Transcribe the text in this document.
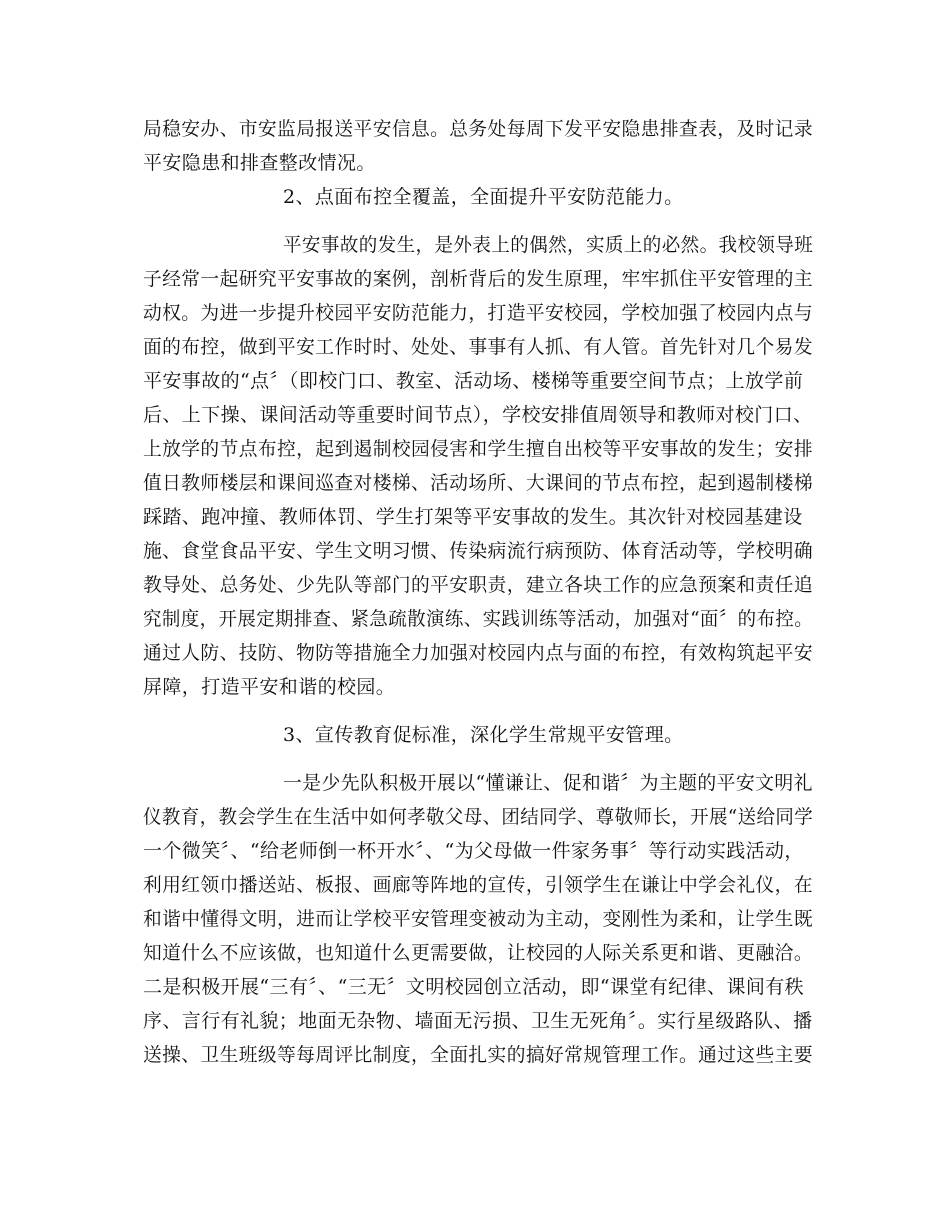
局稳安办、市安监局报送平安信息。总务处每周下发平安隐患排查表，及时记录
平安隐患和排查整改情况。
2、点面布控全覆盖，全面提升平安防范能力。
平安事故的发生，是外表上的偶然，实质上的必然。我校领导班
子经常一起研究平安事故的案例，剖析背后的发生原理，牢牢抓住平安管理的主
动权。为进一步提升校园平安防范能力，打造平安校园，学校加强了校园内点与
面的布控，做到平安工作时时、处处、事事有人抓、有人管。首先针对几个易发
平安事故的“点〞（即校门口、教室、活动场、楼梯等重要空间节点；上放学前
后、上下操、课间活动等重要时间节点），学校安排值周领导和教师对校门口、
上放学的节点布控，起到遏制校园侵害和学生擅自出校等平安事故的发生；安排
值日教师楼层和课间巡查对楼梯、活动场所、大课间的节点布控，起到遏制楼梯
踩踏、跑冲撞、教师体罚、学生打架等平安事故的发生。其次针对校园基建设
施、食堂食品平安、学生文明习惯、传染病流行病预防、体育活动等，学校明确
教导处、总务处、少先队等部门的平安职责，建立各块工作的应急预案和责任追
究制度，开展定期排查、紧急疏散演练、实践训练等活动，加强对“面〞的布控。
通过人防、技防、物防等措施全力加强对校园内点与面的布控，有效构筑起平安
屏障，打造平安和谐的校园。
3、宣传教育促标准，深化学生常规平安管理。
一是少先队积极开展以“懂谦让、促和谐〞为主题的平安文明礼
仪教育，教会学生在生活中如何孝敬父母、团结同学、尊敬师长，开展“送给同学
一个微笑〞、“给老师倒一杯开水〞、“为父母做一件家务事〞等行动实践活动，
利用红领巾播送站、板报、画廊等阵地的宣传，引领学生在谦让中学会礼仪，在
和谐中懂得文明，进而让学校平安管理变被动为主动，变刚性为柔和，让学生既
知道什么不应该做，也知道什么更需要做，让校园的人际关系更和谐、更融洽。
二是积极开展“三有〞、“三无〞文明校园创立活动，即“课堂有纪律、课间有秩
序、言行有礼貌；地面无杂物、墙面无污损、卫生无死角〞。实行星级路队、播
送操、卫生班级等每周评比制度，全面扎实的搞好常规管理工作。通过这些主要
